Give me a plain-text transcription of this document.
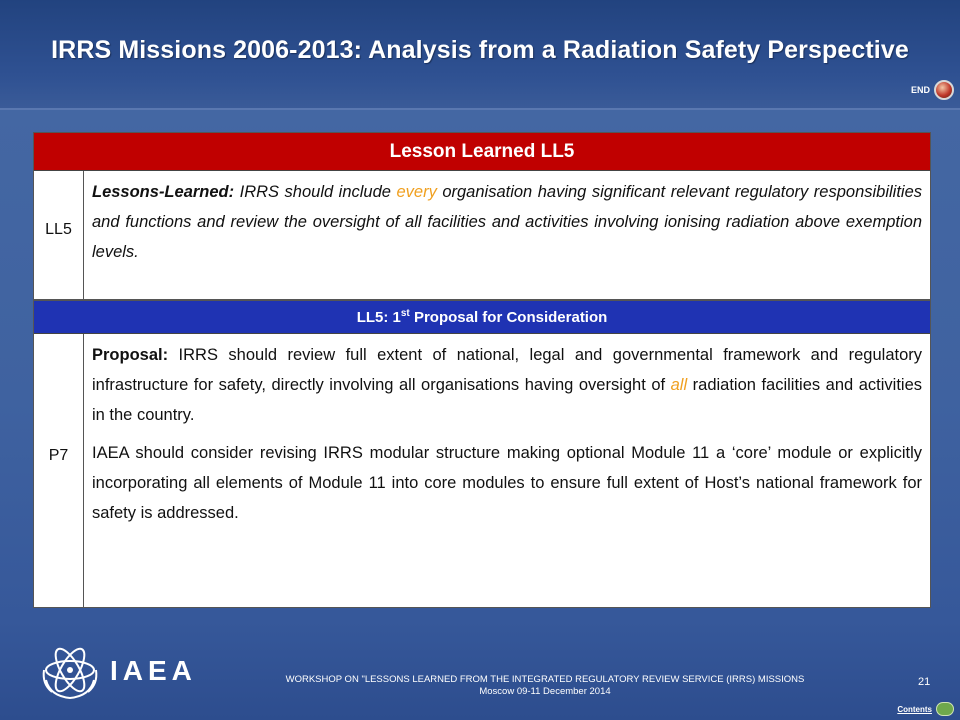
IRRS Missions 2006-2013: Analysis from a Radiation Safety Perspective
END
Lesson Learned LL5
LL5
Lessons-Learned: IRRS should include every organisation having significant relevant regulatory responsibilities and functions and review the oversight of all facilities and activities involving ionising radiation above exemption levels.
LL5: 1st Proposal for Consideration
P7

Proposal: IRRS should review full extent of national, legal and governmental framework and regulatory infrastructure for safety, directly involving all organisations having oversight of all radiation facilities and activities in the country.

IAEA should consider revising IRRS modular structure making optional Module 11 a ‘core’ module or explicitly incorporating all elements of Module 11 into core modules to ensure full extent of Host’s national framework for safety is addressed.

IAEA	WORKSHOP ON "LESSONS LEARNED FROM THE INTEGRATED REGULATORY REVIEW SERVICE (IRRS) MISSIONS
Moscow 09-11 December 2014
21
Contents
